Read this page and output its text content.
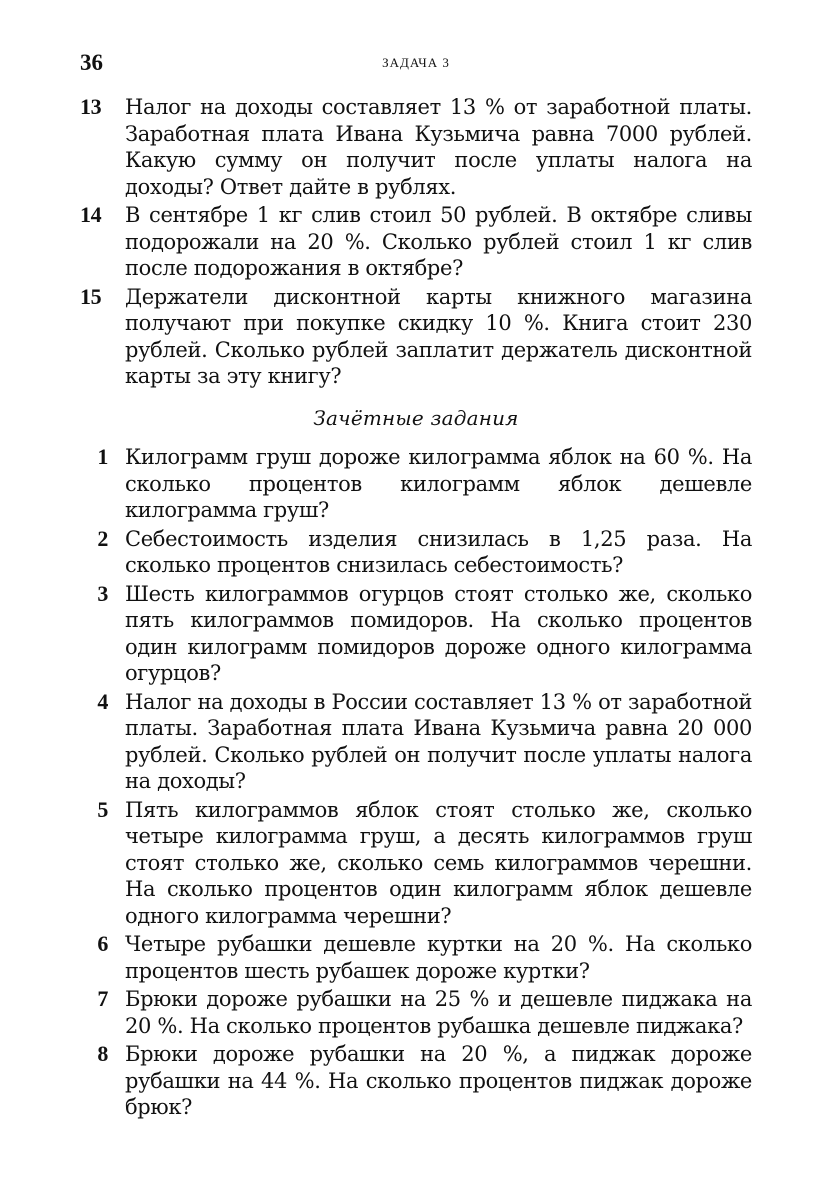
36	ЗАДАЧА 3
13	Налог на доходы составляет 13 % от заработной платы. Заработная плата Ивана Кузьмича равна 7000 рублей. Какую сумму он получит после уплаты налога на доходы? Ответ дайте в рублях.
14	В сентябре 1 кг слив стоил 50 рублей. В октябре сливы подорожали на 20 %. Сколько рублей стоил 1 кг слив после подорожания в октябре?
15	Держатели дисконтной карты книжного магазина получают при покупке скидку 10 %. Книга стоит 230 рублей. Сколько рублей заплатит держатель дисконтной карты за эту книгу?
Зачётные задания
1 Килограмм груш дороже килограмма яблок на 60 %. На сколько процентов килограмм яблок дешевле килограмма груш?
2 Себестоимость изделия снизилась в 1,25 раза. На сколько процентов снизилась себестоимость?
3 Шесть килограммов огурцов стоят столько же, сколько пять килограммов помидоров. На сколько процентов один килограмм помидоров дороже одного килограмма огурцов?
4 Налог на доходы в России составляет 13 % от заработной платы. Заработная плата Ивана Кузьмича равна 20 000 рублей. Сколько рублей он получит после уплаты налога на доходы?
5 Пять килограммов яблок стоят столько же, сколько четыре килограмма груш, а десять килограммов груш стоят столько же, сколько семь килограммов черешни. На сколько процентов один килограмм яблок дешевле одного килограмма черешни?
6 Четыре рубашки дешевле куртки на 20 %. На сколько процентов шесть рубашек дороже куртки?
7 Брюки дороже рубашки на 25 % и дешевле пиджака на 20 %. На сколько процентов рубашка дешевле пиджака?
8 Брюки дороже рубашки на 20 %, а пиджак дороже рубашки на 44 %. На сколько процентов пиджак дороже брюк?
